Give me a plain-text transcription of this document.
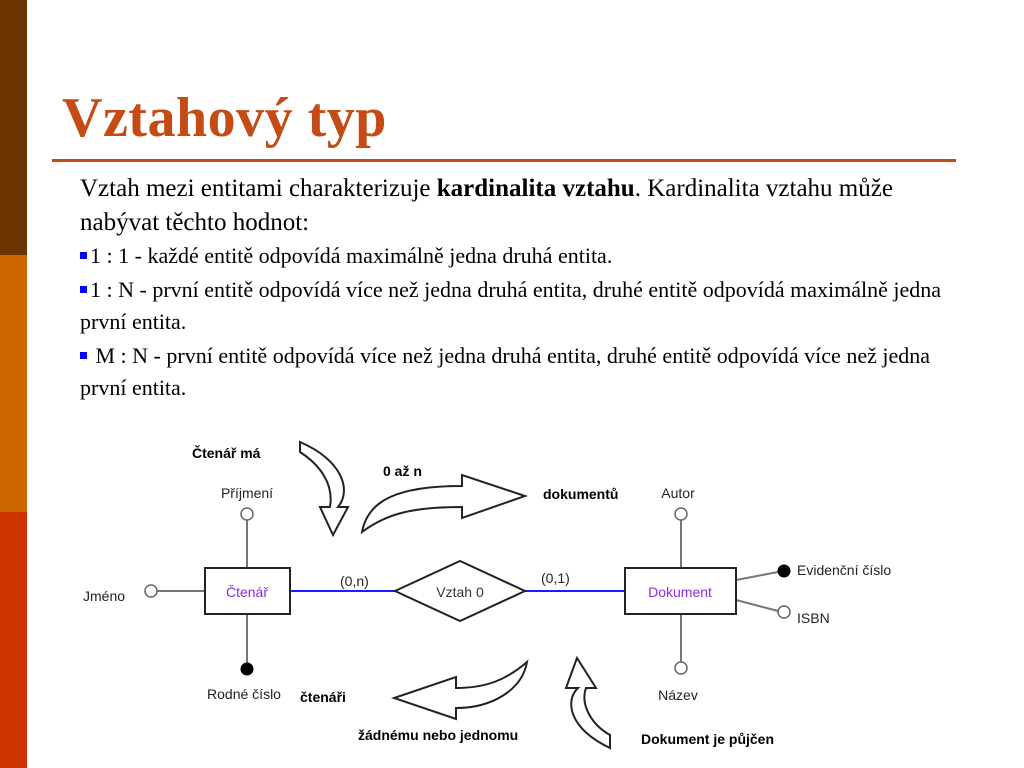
Vztahový typ

Vztah mezi entitami charakterizuje kardinalita vztahu. Kardinalita vztahu může nabývat těchto hodnot:

1 : 1 - každé entitě odpovídá maximálně jedna druhá entita.

1 : N - první entitě odpovídá více než jedna druhá entita, druhé entitě odpovídá maximálně jedna první entita.

M : N - první entitě odpovídá více než jedna druhá entita, druhé entitě odpovídá více než jedna první entita.

Čtenář	Dokument
Vztah 0
(0,n)	(0,1)
Příjmení
Jméno
Rodné číslo
Autor
Evidenční číslo
ISBN
Název
Čtenář má
0 až n
dokumentů
čtenáři
žádnému nebo jednomu	Dokument je půjčen
